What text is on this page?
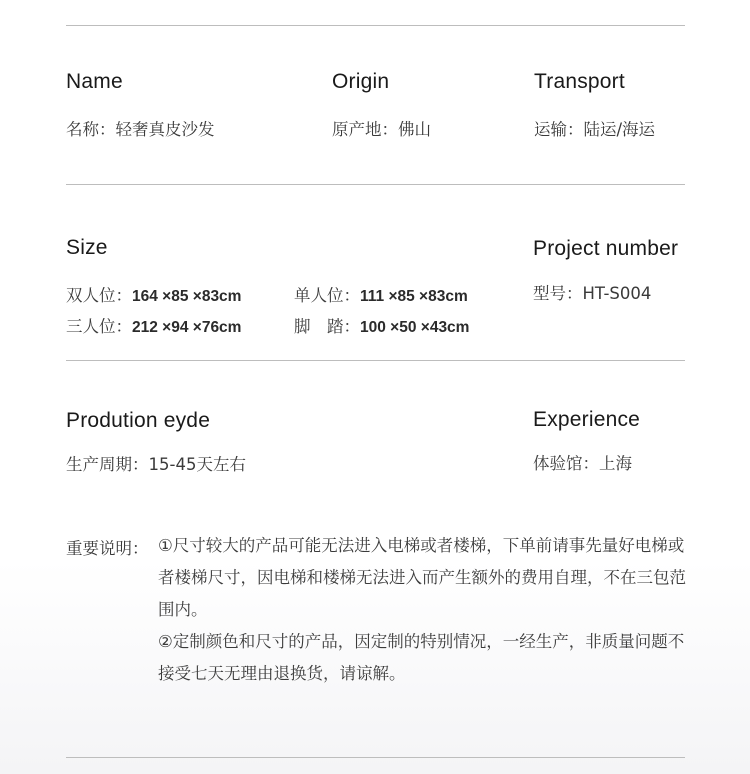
Name
名称：轻奢真皮沙发
Origin
原产地：佛山
Transport
运输：陆运/海运
Size
双人位：164 ×85 ×83cm
三人位：212 ×94 ×76cm
单人位：111 ×85 ×83cm
脚　踏：100 ×50 ×43cm
Project number
型号：HT-S004
Prodution eyde
生产周期：15-45天左右
Experience
体验馆：上海
重要说明： ①尺寸较大的产品可能无法进入电梯或者楼梯，下单前请事先量好电梯或者楼梯尺寸，因电梯和楼梯无法进入而产生额外的费用自理，不在三包范围内。
②定制颜色和尺寸的产品，因定制的特别情况，一经生产，非质量问题不接受七天无理由退换货，请谅解。
